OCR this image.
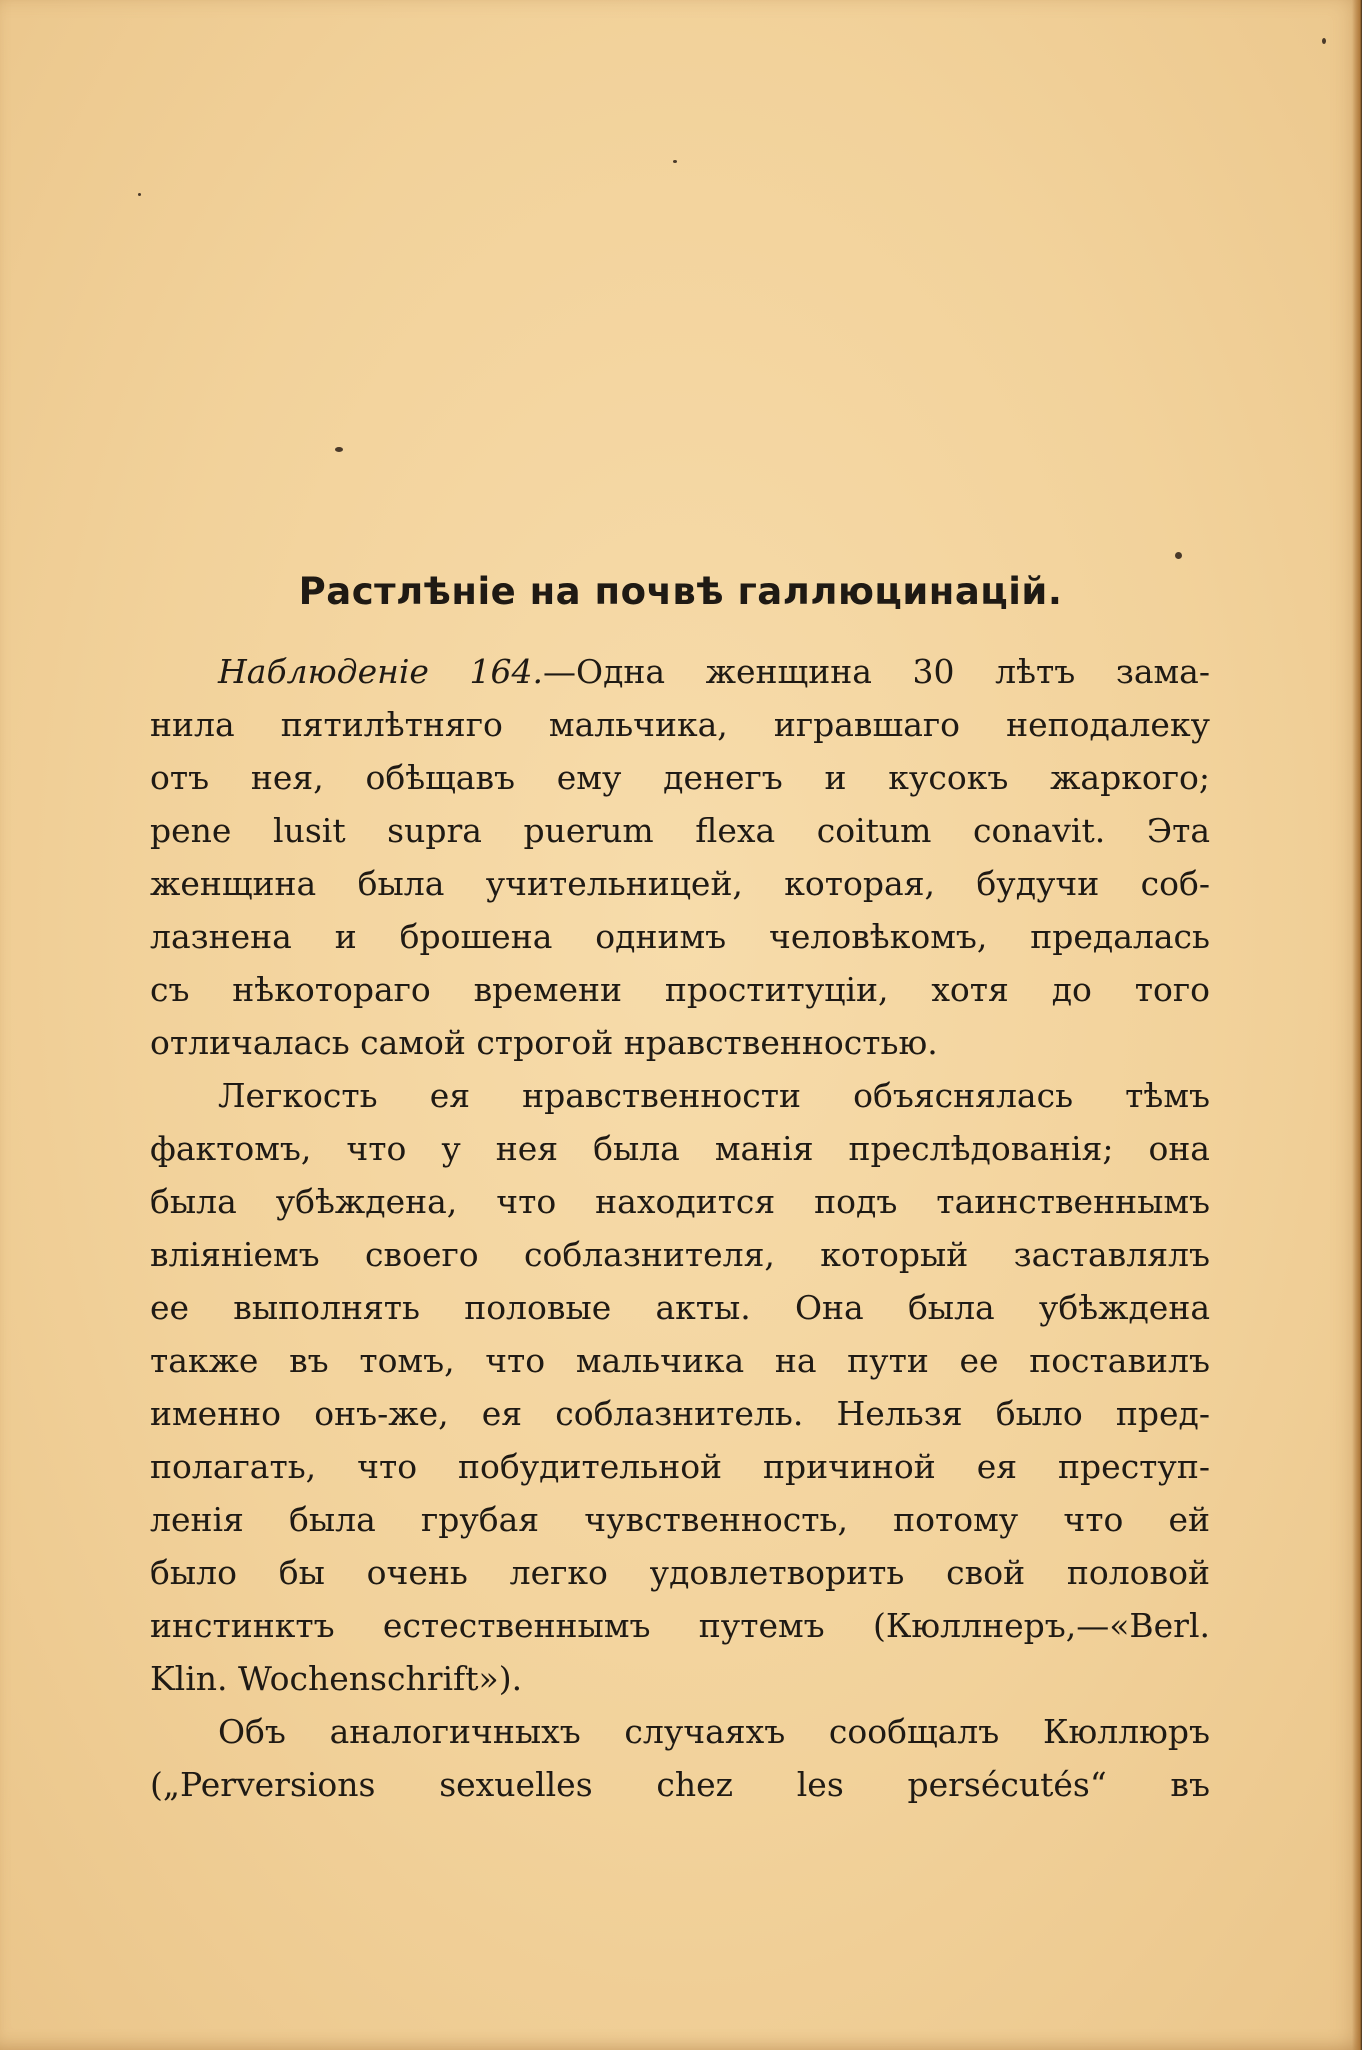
Растлѣніе на почвѣ галлюцинацій.
Наблюденіе 164.—Одна женщина 30 лѣтъ зама-
нила пятилѣтняго мальчика, игравшаго неподалеку
отъ нея, обѣщавъ ему денегъ и кусокъ жаркого;
pene lusit supra puerum flexa coitum conavit. Эта
женщина была учительницей, которая, будучи соб-
лазнена и брошена однимъ человѣкомъ, предалась
съ нѣкотораго времени проституціи, хотя до того
отличалась самой строгой нравственностью.
Легкость ея нравственности объяснялась тѣмъ
фактомъ, что у нея была манія преслѣдованія; она
была убѣждена, что находится подъ таинственнымъ
вліяніемъ своего соблазнителя, который заставлялъ
ее выполнять половые акты. Она была убѣждена
также въ томъ, что мальчика на пути ее поставилъ
именно онъ-же, ея соблазнитель. Нельзя было пред-
полагать, что побудительной причиной ея преступ-
ленія была грубая чувственность, потому что ей
было бы очень легко удовлетворить свой половой
инстинктъ естественнымъ путемъ (Кюллнеръ,—«Berl.
Klin. Wochenschrift»).
Объ аналогичныхъ случаяхъ сообщалъ Кюллюръ
(„Perversions sexuelles chez les persécutés“ въ
